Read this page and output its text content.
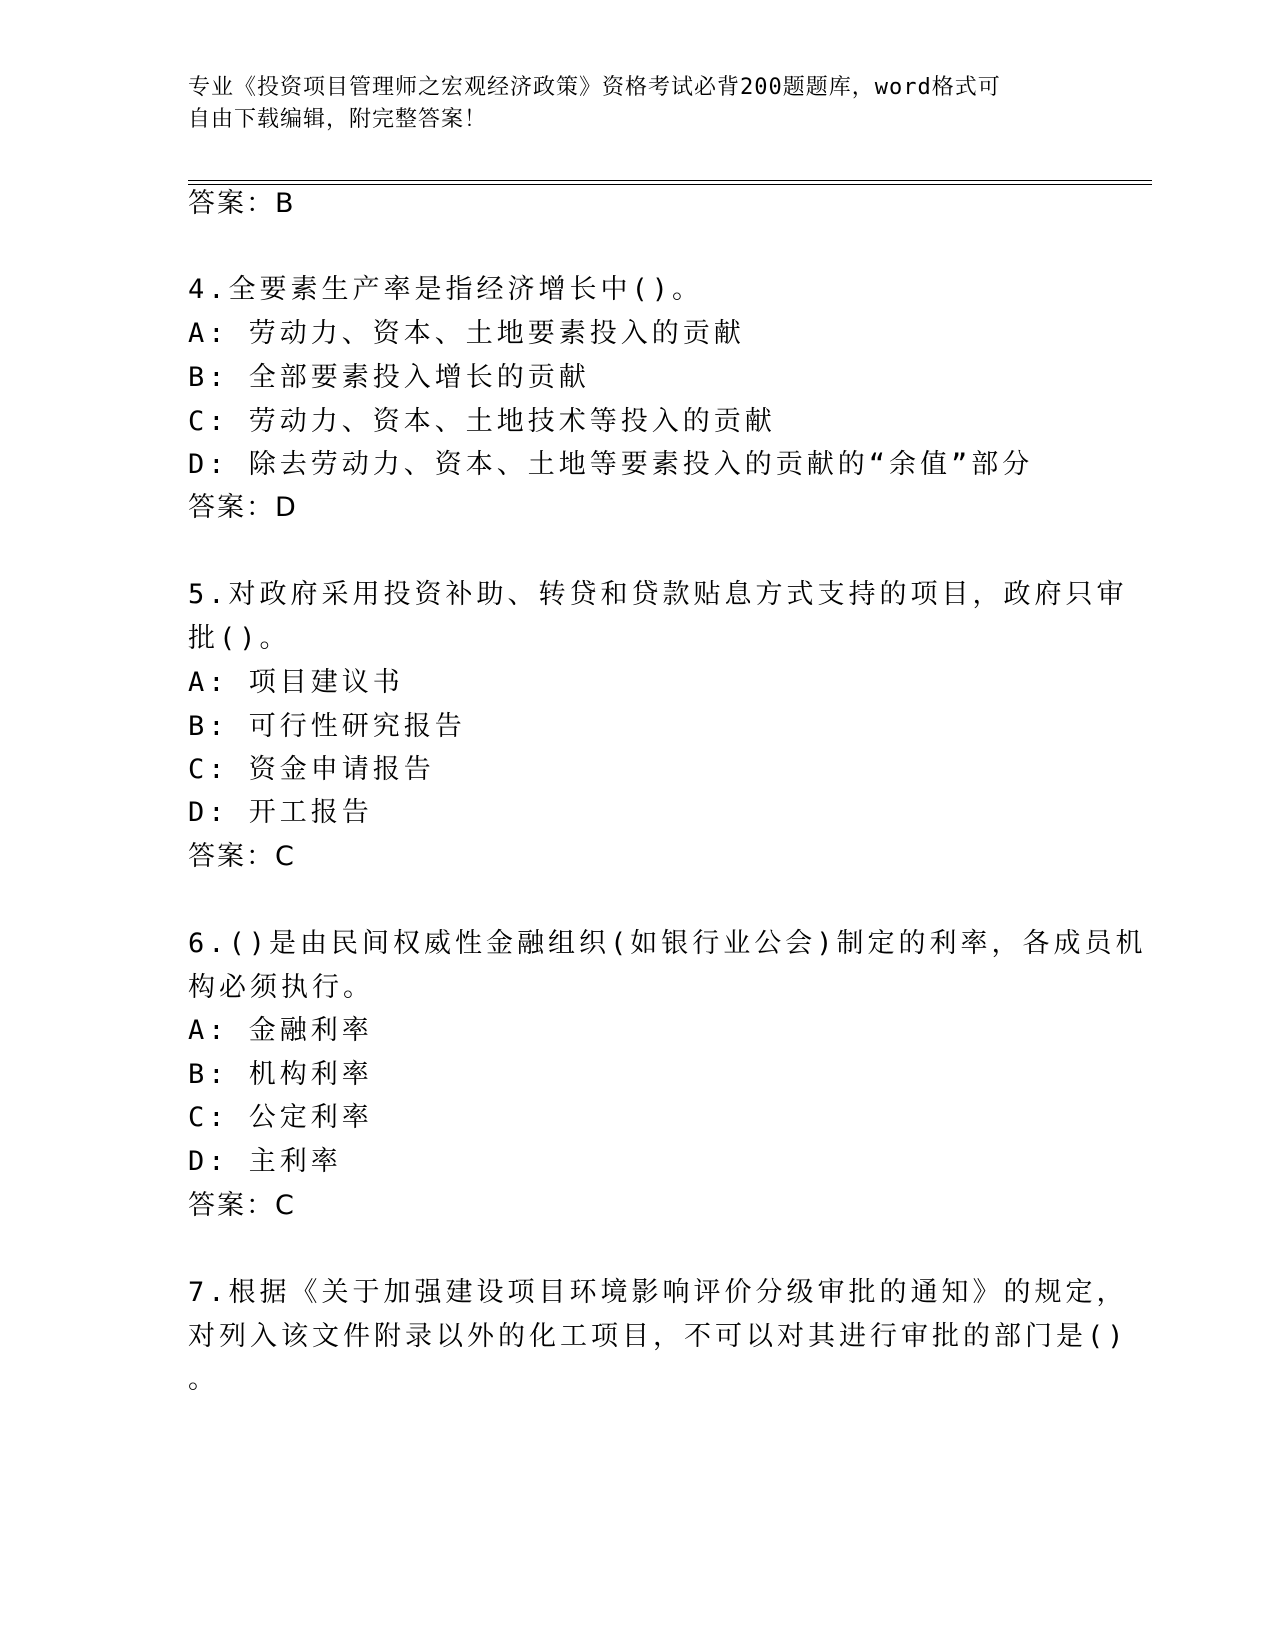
专业《投资项目管理师之宏观经济政策》资格考试必背200题题库，word格式可
自由下载编辑，附完整答案！
答案：B
4.全要素生产率是指经济增长中()。
A: 劳动力、资本、土地要素投入的贡献
B: 全部要素投入增长的贡献
C: 劳动力、资本、土地技术等投入的贡献
D: 除去劳动力、资本、土地等要素投入的贡献的“余值”部分
答案：D
5.对政府采用投资补助、转贷和贷款贴息方式支持的项目，政府只审
批()。
A: 项目建议书
B: 可行性研究报告
C: 资金申请报告
D: 开工报告
答案：C
6.()是由民间权威性金融组织(如银行业公会)制定的利率，各成员机
构必须执行。
A: 金融利率
B: 机构利率
C: 公定利率
D: 主利率
答案：C
7.根据《关于加强建设项目环境影响评价分级审批的通知》的规定，
对列入该文件附录以外的化工项目，不可以对其进行审批的部门是()
。
